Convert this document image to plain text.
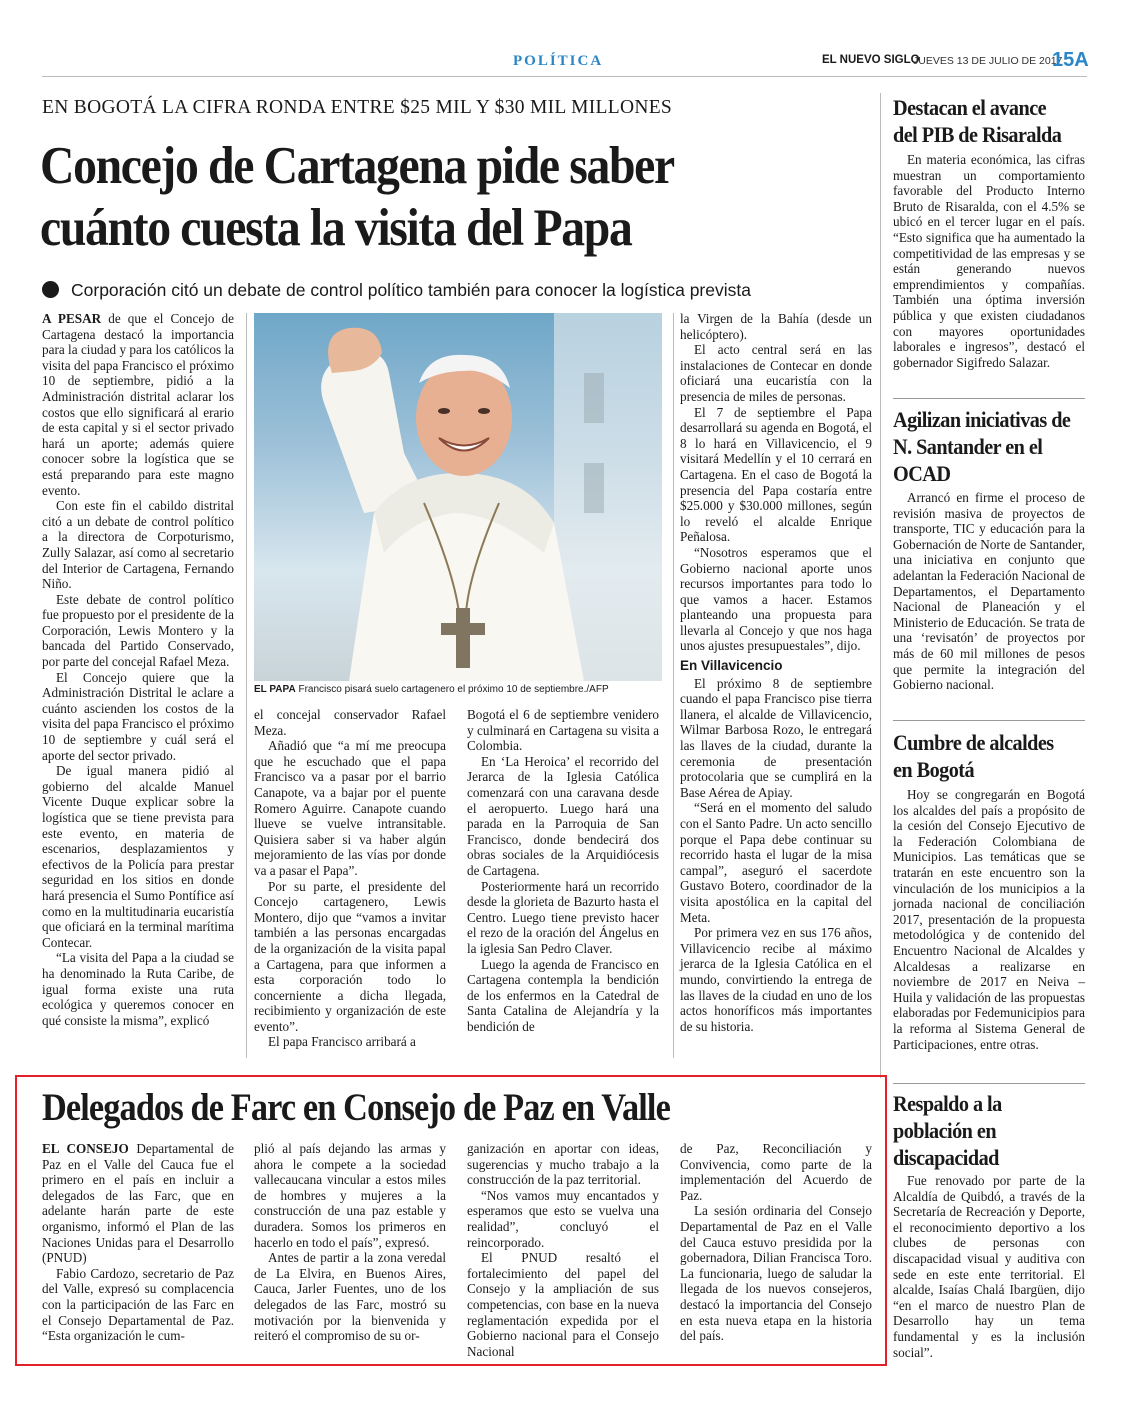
POLÍTICA	EL NUEVO SIGLO
JUEVES 13 DE JULIO DE 2017
15A
EN BOGOTÁ LA CIFRA RONDA ENTRE $25 MIL Y $30 MIL MILLONES
Concejo de Cartagena pide saber cuánto cuesta la visita del Papa
Corporación citó un debate de control político también para conocer la logística prevista

A PESAR de que el Concejo de Cartagena destacó la importancia para la ciudad y para los católicos la visita del papa Francisco el próximo 10 de septiembre, pidió a la Administración distrital aclarar los costos que ello significará al erario de esta capital y si el sector privado hará un aporte; además quiere conocer sobre la logística que se está preparando para este magno evento.

Con este fin el cabildo distrital citó a un debate de control político a la directora de Corpoturismo, Zully Salazar, así como al secretario del Interior de Cartagena, Fernando Niño.

Este debate de control político fue propuesto por el presidente de la Corporación, Lewis Montero y la bancada del Partido Conservado, por parte del concejal Rafael Meza.

El Concejo quiere que la Administración Distrital le aclare a cuánto ascienden los costos de la visita del papa Francisco el próximo 10 de septiembre y cuál será el aporte del sector privado.

De igual manera pidió al gobierno del alcalde Manuel Vicente Duque explicar sobre la logística que se tiene prevista para este evento, en materia de escenarios, desplazamientos y efectivos de la Policía para prestar seguridad en los sitios en donde hará presencia el Sumo Pontífice así como en la multitudinaria eucaristía que oficiará en la terminal marítima Contecar.

“La visita del Papa a la ciudad se ha denominado la Ruta Caribe, de igual forma existe una ruta ecológica y queremos conocer en qué consiste la misma”, explicó

EL PAPA Francisco pisará suelo cartagenero el próximo 10 de septiembre./AFP

el concejal conservador Rafael Meza.

Añadió que “a mí me preocupa que he escuchado que el papa Francisco va a pasar por el barrio Canapote, va a bajar por el puente Romero Aguirre. Canapote cuando llueve se vuelve intransitable. Quisiera saber si va haber algún mejoramiento de las vías por donde va a pasar el Papa”.

Por su parte, el presidente del Concejo cartagenero, Lewis Montero, dijo que “vamos a invitar también a las personas encargadas de la organización de la visita papal a Cartagena, para que informen a esta corporación todo lo concerniente a dicha llegada, recibimiento y organización de este evento”.

El papa Francisco arribará a

Bogotá el 6 de septiembre venidero y culminará en Cartagena su visita a Colombia.

En ‘La Heroica’ el recorrido del Jerarca de la Iglesia Católica comenzará con una caravana desde el aeropuerto. Luego hará una parada en la Parroquia de San Francisco, donde bendecirá dos obras sociales de la Arquidiócesis de Cartagena.

Posteriormente hará un recorrido desde la glorieta de Bazurto hasta el Centro. Luego tiene previsto hacer el rezo de la oración del Ángelus en la iglesia San Pedro Claver.

Luego la agenda de Francisco en Cartagena contempla la bendición de los enfermos en la Catedral de Santa Catalina de Alejandría y la bendición de

la Virgen de la Bahía (desde un helicóptero).

El acto central será en las instalaciones de Contecar en donde oficiará una eucaristía con la presencia de miles de personas.

El 7 de septiembre el Papa desarrollará su agenda en Bogotá, el 8 lo hará en Villavicencio, el 9 visitará Medellín y el 10 cerrará en Cartagena. En el caso de Bogotá la presencia del Papa costaría entre $25.000 y $30.000 millones, según lo reveló el alcalde Enrique Peñalosa.

“Nosotros esperamos que el Gobierno nacional aporte unos recursos importantes para todo lo que vamos a hacer. Estamos planteando una propuesta para llevarla al Concejo y que nos haga unos ajustes presupuestales”, dijo.

En Villavicencio

El próximo 8 de septiembre cuando el papa Francisco pise tierra llanera, el alcalde de Villavicencio, Wilmar Barbosa Rozo, le entregará las llaves de la ciudad, durante la ceremonia de presentación protocolaria que se cumplirá en la Base Aérea de Apiay.

“Será en el momento del saludo con el Santo Padre. Un acto sencillo porque el Papa debe continuar su recorrido hasta el lugar de la misa campal”, aseguró el sacerdote Gustavo Botero, coordinador de la visita apostólica en la capital del Meta.

Por primera vez en sus 176 años, Villavicencio recibe al máximo jerarca de la Iglesia Católica en el mundo, convirtiendo la entrega de las llaves de la ciudad en uno de los actos honoríficos más importantes de su historia.

Destacan el avance del PIB de Risaralda

En materia económica, las cifras muestran un comportamiento favorable del Producto Interno Bruto de Risaralda, con el 4.5% se ubicó en el tercer lugar en el país. “Esto significa que ha aumentado la competitividad de las empresas y se están generando nuevos emprendimientos y compañías. También una óptima inversión pública y que existen ciudadanos con mayores oportunidades laborales e ingresos”, destacó el gobernador Sigifredo Salazar.

Agilizan iniciativas de N. Santander en el OCAD

Arrancó en firme el proceso de revisión masiva de proyectos de transporte, TIC y educación para la Gobernación de Norte de Santander, una iniciativa en conjunto que adelantan la Federación Nacional de Departamentos, el Departamento Nacional de Planeación y el Ministerio de Educación. Se trata de una ‘revisatón’ de proyectos por más de 60 mil millones de pesos que permite la integración del Gobierno nacional.

Cumbre de alcaldes en Bogotá

Hoy se congregarán en Bogotá los alcaldes del país a propósito de la cesión del Consejo Ejecutivo de la Federación Colombiana de Municipios. Las temáticas que se tratarán en este encuentro son la vinculación de los municipios a la jornada nacional de conciliación 2017, presentación de la propuesta metodológica y de contenido del Encuentro Nacional de Alcaldes y Alcaldesas a realizarse en noviembre de 2017 en Neiva – Huila y validación de las propuestas elaboradas por Fedemunicipios para la reforma al Sistema General de Participaciones, entre otras.

Respaldo a la población en discapacidad

Fue renovado por parte de la Alcaldía de Quibdó, a través de la Secretaría de Recreación y Deporte, el reconocimiento deportivo a los clubes de personas con discapacidad visual y auditiva con sede en este ente territorial. El alcalde, Isaías Chalá Ibargüen, dijo “en el marco de nuestro Plan de Desarrollo hay un tema fundamental y es la inclusión social”.

Delegados de Farc en Consejo de Paz en Valle

EL CONSEJO Departamental de Paz en el Valle del Cauca fue el primero en el país en incluir a delegados de las Farc, que en adelante harán parte de este organismo, informó el Plan de las Naciones Unidas para el Desarrollo (PNUD)

Fabio Cardozo, secretario de Paz del Valle, expresó su complacencia con la participación de las Farc en el Consejo Departamental de Paz. “Esta organización le cum-

plió al país dejando las armas y ahora le compete a la sociedad vallecaucana vincular a estos miles de hombres y mujeres a la construcción de una paz estable y duradera. Somos los primeros en hacerlo en todo el país”, expresó.

Antes de partir a la zona veredal de La Elvira, en Buenos Aires, Cauca, Jarler Fuentes, uno de los delegados de las Farc, mostró su motivación por la bienvenida y reiteró el compromiso de su or-

ganización en aportar con ideas, sugerencias y mucho trabajo a la construcción de la paz territorial.

“Nos vamos muy encantados y esperamos que esto se vuelva una realidad”, concluyó el reincorporado.

El PNUD resaltó el fortalecimiento del papel del Consejo y la ampliación de sus competencias, con base en la nueva reglamentación expedida por el Gobierno nacional para el Consejo Nacional

de Paz, Reconciliación y Convivencia, como parte de la implementación del Acuerdo de Paz.

La sesión ordinaria del Consejo Departamental de Paz en el Valle del Cauca estuvo presidida por la gobernadora, Dilian Francisca Toro. La funcionaria, luego de saludar la llegada de los nuevos consejeros, destacó la importancia del Consejo en esta nueva etapa en la historia del país.
